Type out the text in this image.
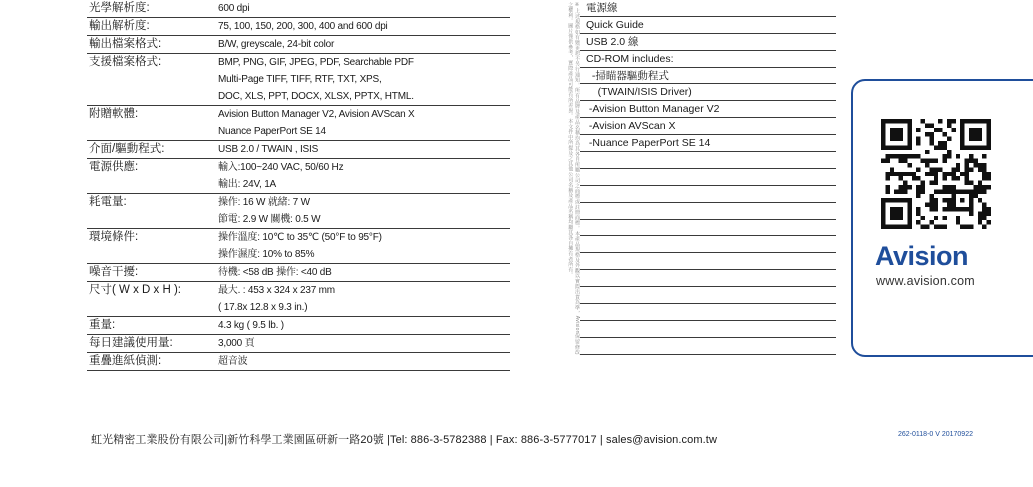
光學解析度:	600 dpi
輸出解析度:	75, 100, 150, 200, 300, 400 and 600 dpi
輸出檔案格式:	B/W, greyscale, 24-bit color
支援檔案格式:	BMP, PNG, GIF, JPEG, PDF, Searchable PDF
Multi-Page TIFF, TIFF, RTF, TXT, XPS,
DOC, XLS, PPT, DOCX, XLSX, PPTX, HTML.
附贈軟體:	Avision Button Manager V2, Avision AVScan X
Nuance PaperPort SE 14
介面/驅動程式:	USB 2.0 / TWAIN , ISIS
電源供應:	輸入:100~240 VAC, 50/60 Hz
輸出: 24V, 1A
耗電量:	操作: 16 W 就緒: 7 W
節電: 2.9 W 關機: 0.5 W
環境條件:	操作溫度: 10℃ to 35℃ (50°F to 95°F)
操作濕度: 10% to 85%
噪音干擾:	待機: <58 dB 操作: <40 dB
尺寸( W x D x H ):	最大. : 453 x 324 x 237 mm
( 17.8x 12.8 x 9.3 in.)
重量:	4.3 kg ( 9.5 lb. )
每日建議使用量:	3,000 頁
重疊進紙偵測:	超音波
※上述規格如有變更恕不另行通知。所有品牌及產品名稱均為其各自所屬公司之商標或註冊商標。本產品規格及外觀以實際出貨為準，Avision保留修改之權利。圖片僅供參考，實際產品可能有所差異。本文件中所提及之其他公司名稱及產品名稱均屬其各自擁有者所有。	電源線
Quick Guide
USB 2.0 線
CD-ROM includes:
-掃瞄器驅動程式
(TWAIN/ISIS Driver)
-Avision Button Manager V2
-Avision AVScan X
-Nuance PaperPort SE 14
Avision
www.avision.com
虹光精密工業股份有限公司|新竹科學工業園區研新一路20號 |Tel: 886-3-5782388 | Fax: 886-3-5777017 | sales@avision.com.tw	262-0118-0 V 20170922
